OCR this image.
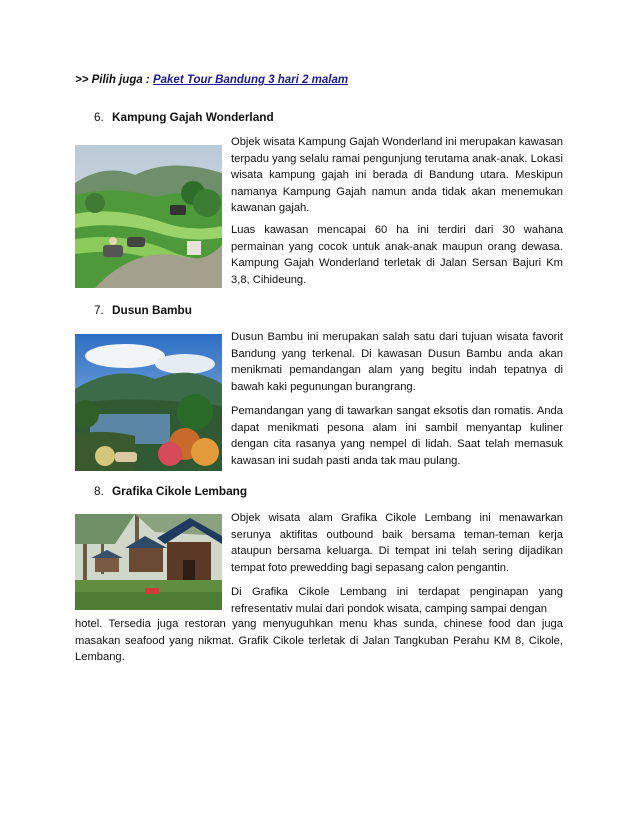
>> Pilih juga : Paket Tour Bandung 3 hari 2 malam
6. Kampung Gajah Wonderland
Objek wisata Kampung Gajah Wonderland ini merupakan kawasan terpadu yang selalu ramai pengunjung terutama anak-anak. Lokasi wisata kampung gajah ini berada di Bandung utara. Meskipun namanya Kampung Gajah namun anda tidak akan menemukan kawanan gajah.
Luas kawasan mencapai 60 ha ini terdiri dari 30 wahana permainan yang cocok untuk anak-anak maupun orang dewasa. Kampung Gajah Wonderland terletak di Jalan Sersan Bajuri Km 3,8, Cihideung.
7. Dusun Bambu
Dusun Bambu ini merupakan salah satu dari tujuan wisata favorit Bandung yang terkenal. Di kawasan Dusun Bambu anda akan menikmati pemandangan alam yang begitu indah tepatnya di bawah kaki pegunungan burangrang.
Pemandangan yang di tawarkan sangat eksotis dan romatis. Anda dapat menikmati pesona alam ini sambil menyantap kuliner dengan cita rasanya yang nempel di lidah. Saat telah memasuk kawasan ini sudah pasti anda tak mau pulang.
8. Grafika Cikole Lembang
Objek wisata alam Grafika Cikole Lembang ini menawarkan serunya aktifitas outbound baik bersama teman-teman kerja ataupun bersama keluarga. Di tempat ini telah sering dijadikan tempat foto prewedding bagi sepasang calon pengantin.
Di Grafika Cikole Lembang ini terdapat penginapan yang refresentativ mulai dari pondok wisata, camping sampai dengan
hotel. Tersedia juga restoran yang menyuguhkan menu khas sunda, chinese food dan juga masakan seafood yang nikmat. Grafik Cikole terletak di Jalan Tangkuban Perahu KM 8, Cikole, Lembang.
